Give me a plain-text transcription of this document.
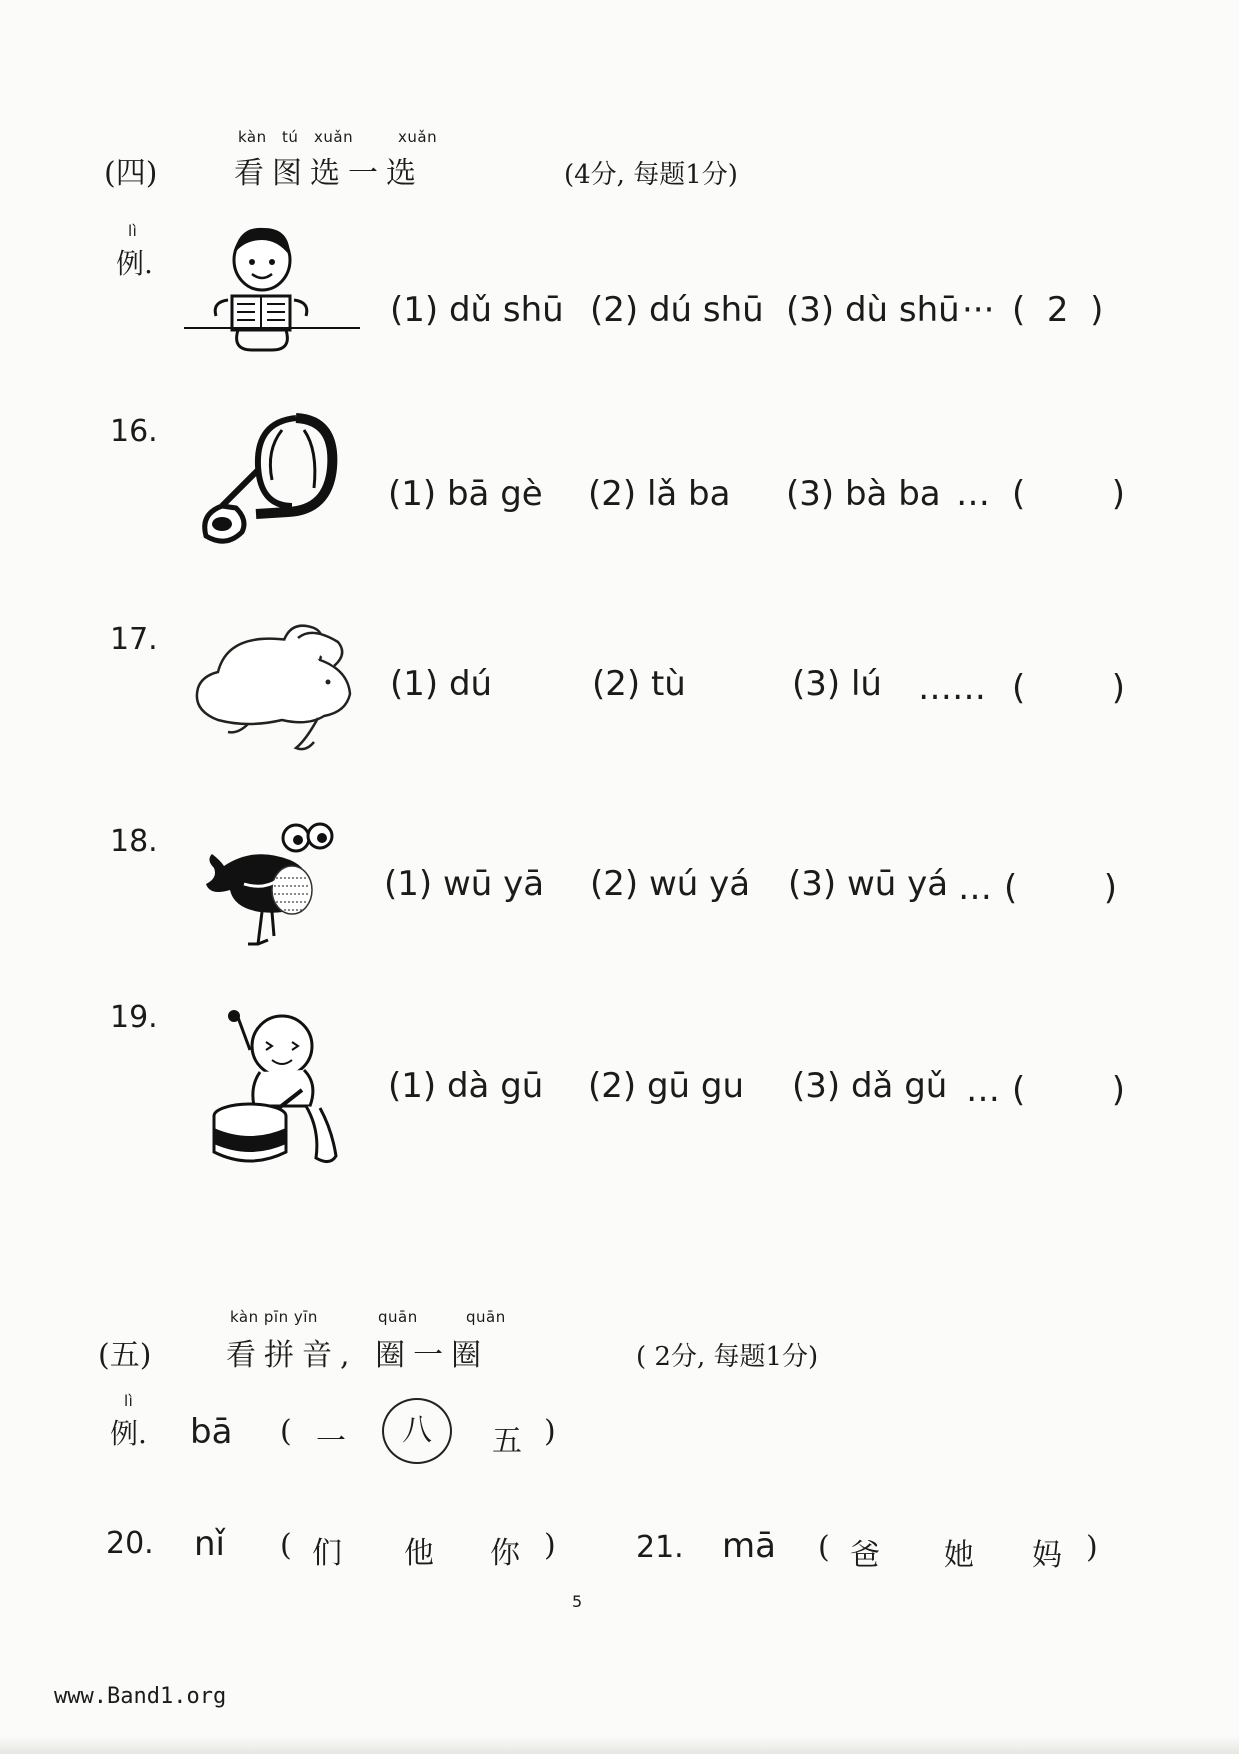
kàn tú xuǎn	xuǎn
(四)	看图选一选	(4分, 每题1分)
lì
例.
(1) dǔ shū (2) dú shū (3) dù shū ··· (  2  )
16.
(1) bā gè (2) lǎ ba (3) bà ba … (        )
17.
(1) dú	(2) tù	(3) lú …… (        )
18.
(1) wū yā (2) wú yá (3) wū yá … (        )
19.
(1) dà gū (2) gū gu (3) dǎ gǔ … (        )
kàn pīn yīn	quān	quān
(五) 看拼音, 圈一圈	( 2分, 每题1分)
lì
例. bā ( 一	八	五 )
20. nǐ ( 们 他 你 )	21. mā ( 爸 她 妈 )
5
www.Band1.org
